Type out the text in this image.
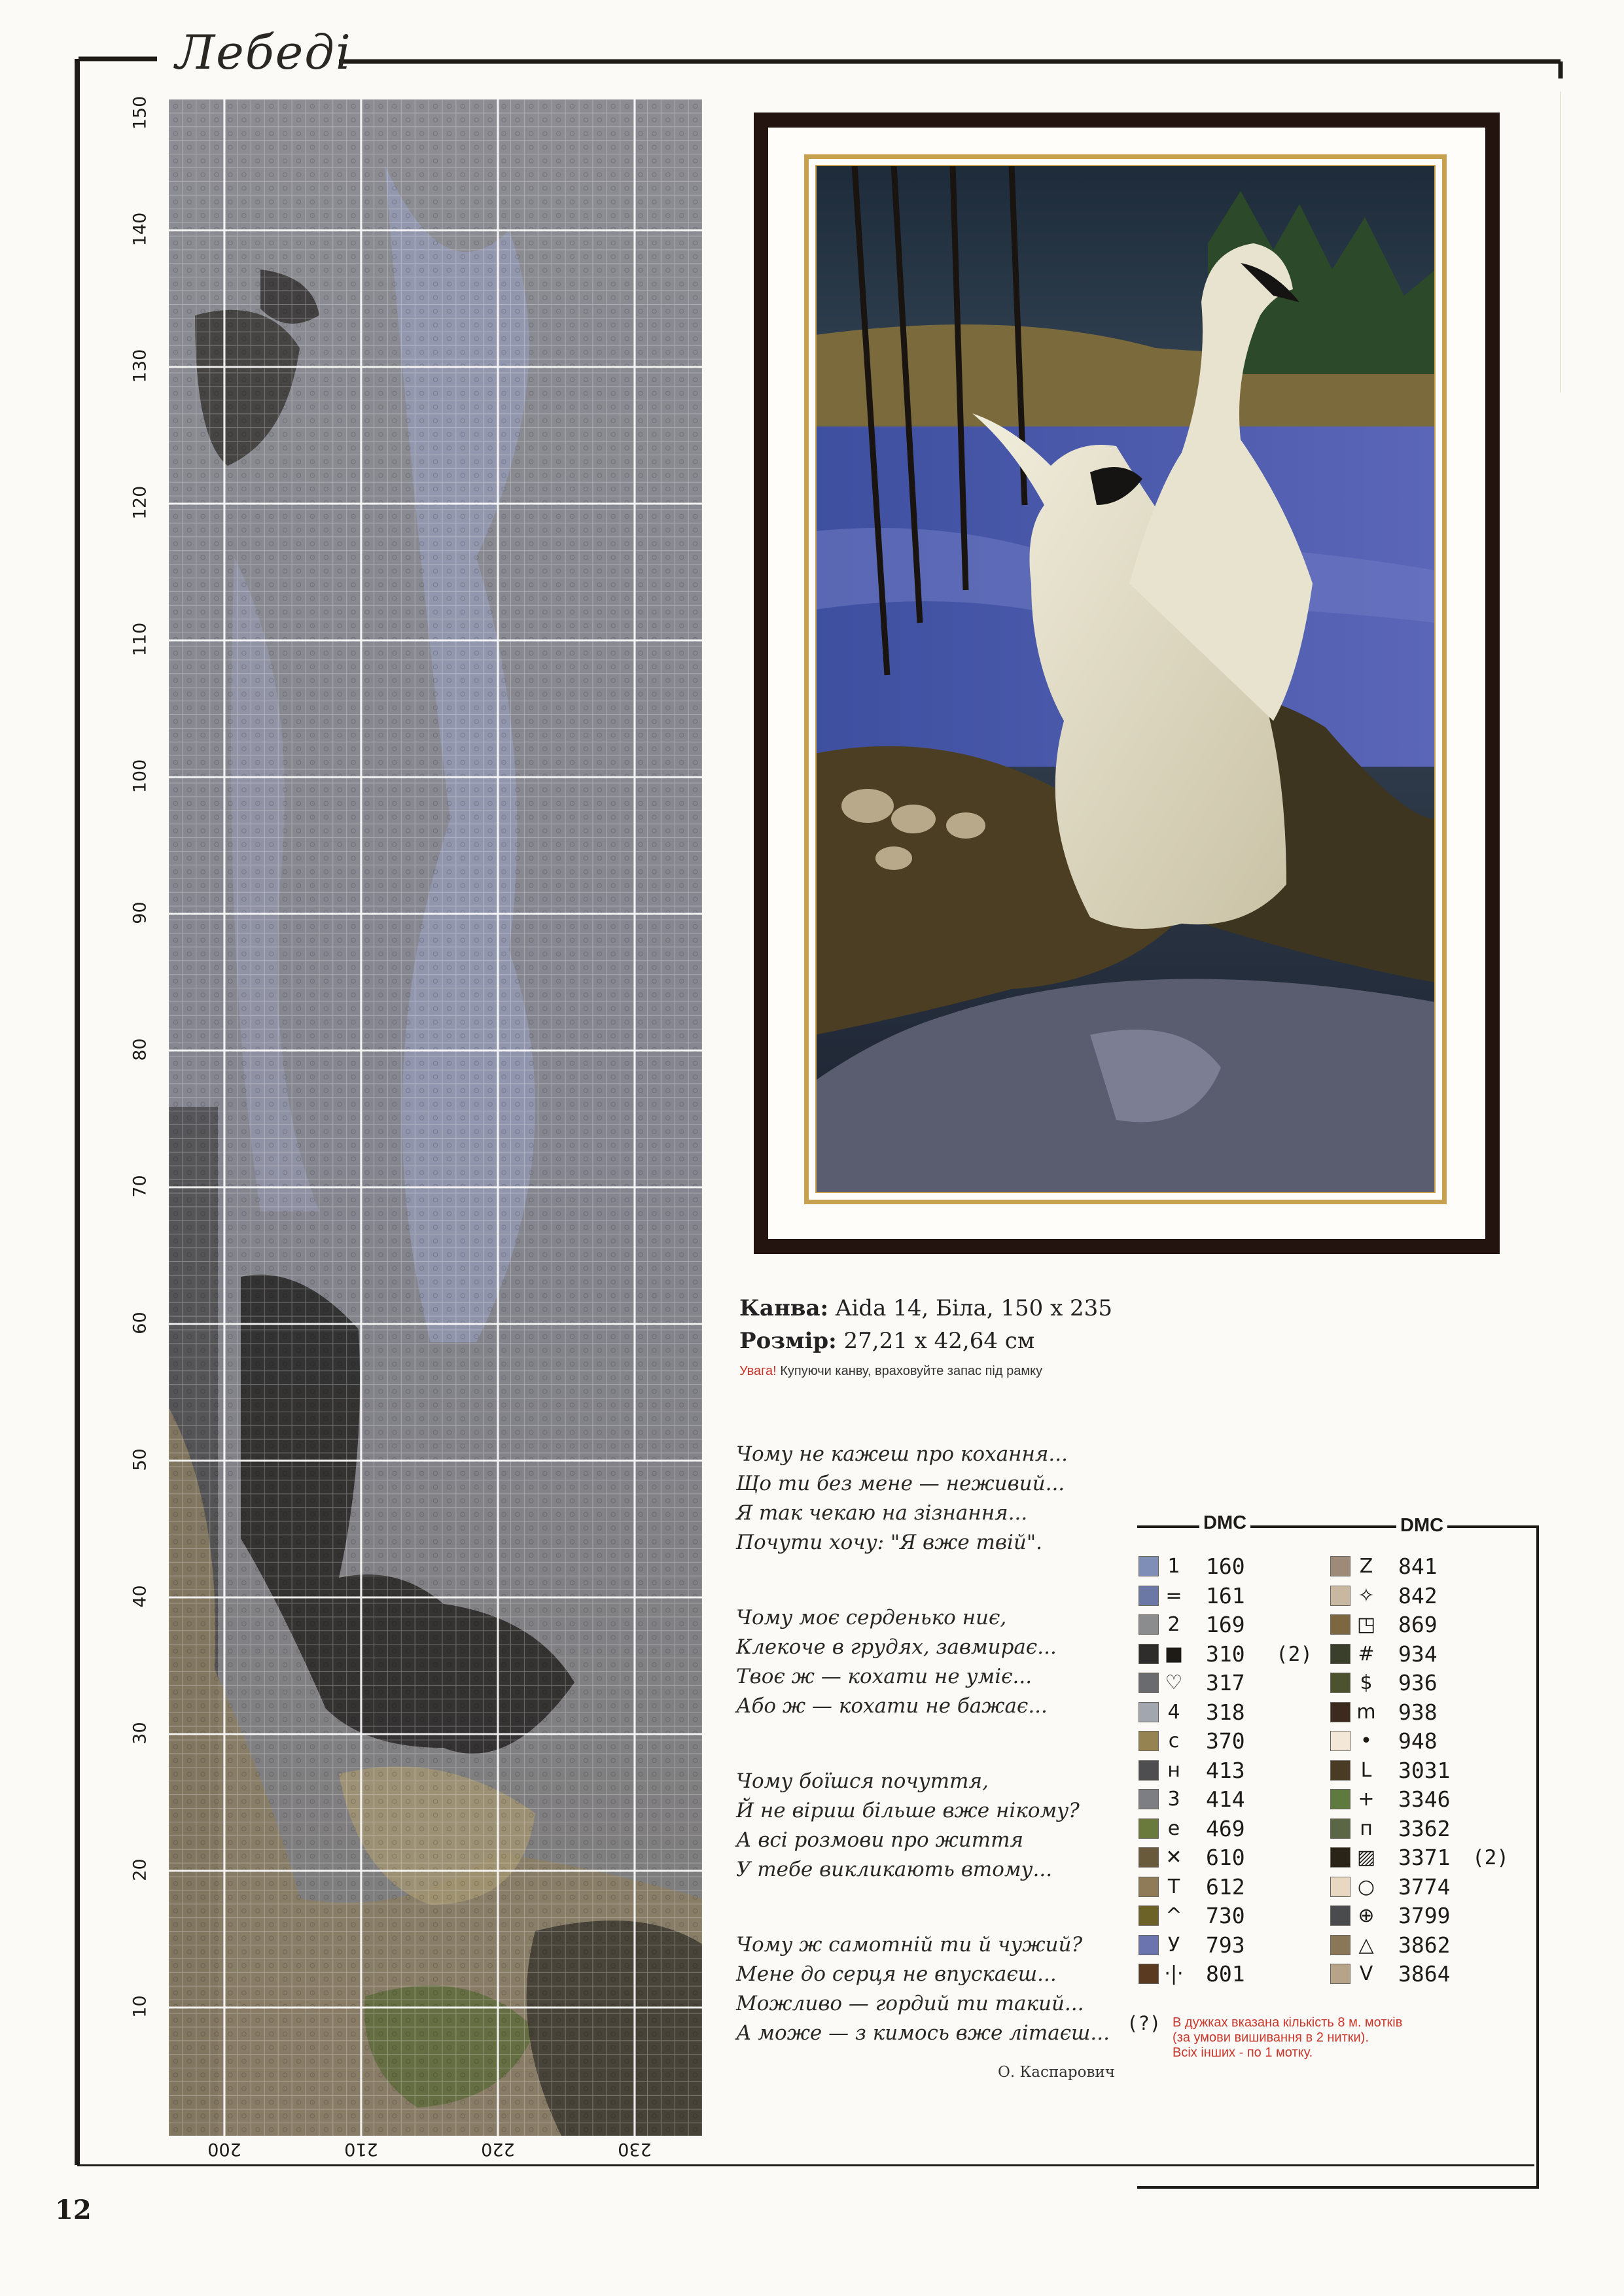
Лебеді
150
140
130
120
110
100
90
80
70
60
50
40
30
20
10
200	210	220	230
Канва: Aida 14, Біла, 150 х 235
Розмір: 27,21 х 42,64 см
Увага! Купуючи канву, враховуйте запас під рамку
Чому не кажеш про кохання...
Що ти без мене — неживий...
Я так чекаю на зізнання...
Почути хочу: "Я вже твій".
Чому моє серденько ниє,
Клекоче в грудях, завмирає...
Твоє ж — кохати не уміє...
Або ж — кохати не бажає...
Чому боїшся почуття,
Й не віриш більше вже нікому?
А всі розмови про життя
У тебе викликають втому...
Чому ж самотній ти й чужий?
Мене до серця не впускаєш...
Можливо — гордий ти такий...
А може — з кимось вже літаєш...
О. Каспарович
DMC	DMC
1	160
= 161
2	169
■ 310 (2)
♡ 317
4	318
с	370
н	413
3	414
е	469
✕ 610
Т	612
^ 730
У	793
·|· 801
Z	841
✧ 842
◳ 869
# 934
$	936
m 938
•	948
L	3031
+ 3346
п	3362
▨ 3371 (2)
○ 3774
⊕ 3799
△	3862
V	3864
(?) В дужках вказана кількість 8 м. мотків
(за умови вишивання в 2 нитки).
Всіх інших - по 1 мотку.
12
